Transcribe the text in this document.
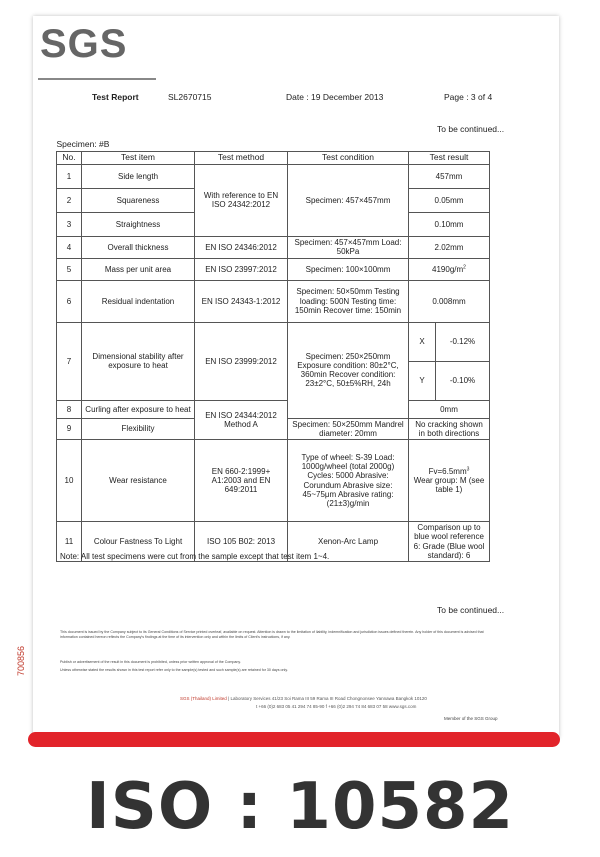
SGS
Test Report	SL2670715	Date : 19 December 2013	Page : 3 of 4
To be continued...
Specimen: #B					
No.	Test item	Test method	Test condition	Test result	
1	Side length	With reference to EN ISO 24342:2012	Specimen: 457×457mm	457mm	
2	Squareness			0.05mm	
3	Straightness			0.10mm	
4	Overall thickness	EN ISO 24346:2012	Specimen: 457×457mm Load: 50kPa	2.02mm	
5	Mass per unit area	EN ISO 23997:2012	Specimen: 100×100mm	$4190g/m^2$
6	Residual indentation	EN ISO 24343-1:2012	Specimen: 50×50mm Testing loading: 500N Testing time: 150min Recover time: 150min	0.008mm	
7	Dimensional stability after exposure to heat	EN ISO 23999:2012	Specimen: 250×250mm Exposure condition: 80±2°C, 360min Recover condition: 23±2°C, 50±5%RH, 24h	X	-0.12%
				Y	-0.10%
8	Curling after exposure to heat	EN ISO 24344:2012 Method A		0mm	
9	Flexibility		Specimen: 50×250mm Mandrel diameter: 20mm	No cracking shown in both directions	
10	Wear resistance	EN 660-2:1999+ A1:2003 and EN 649:2011	Type of wheel: S-39 Load: 1000g/wheel (total 2000g) Cycles: 5000 Abrasive: Corundum Abrasive size: 45~75μm Abrasive rating: (21±3)g/min	$Fv=6.5mm^3$
Wear group: M (see table 1)	
11	Colour Fastness To Light	ISO 105 B02: 2013	Xenon-Arc Lamp	Comparison up to blue wool reference 6: Grade (Blue wool standard): 6	
Note: All test specimens were cut from the sample except that test item 1~4.
To be continued...
This document is issued by the Company subject to its General Conditions of Service printed overleaf, available on request. Attention is drawn to the limitation of liability, indemnification and jurisdiction issues defined therein. Any holder of this document is advised that information contained hereon reflects the Company's findings at the time of its intervention only and within the limits of Client's instructions, if any.
Publish or advertisement of the result in this document is prohibited, unless prior written approval of the Company.
Unless otherwise stated the results shown in this test report refer only to the sample(s) tested and such sample(s) are retained for 30 days only.
700856
SGS (Thailand) Limited | Laboratory Services 41/23 Soi Rama III 59 Rama III Road Chongnonsee Yannawa Bangkok 10120
t +66 (0)2 683 05 41 294 74 85-90 f +66 (0)2 294 74 84 683 07 58 www.sgs.com
Member of the SGS Group
ISO : 10582
